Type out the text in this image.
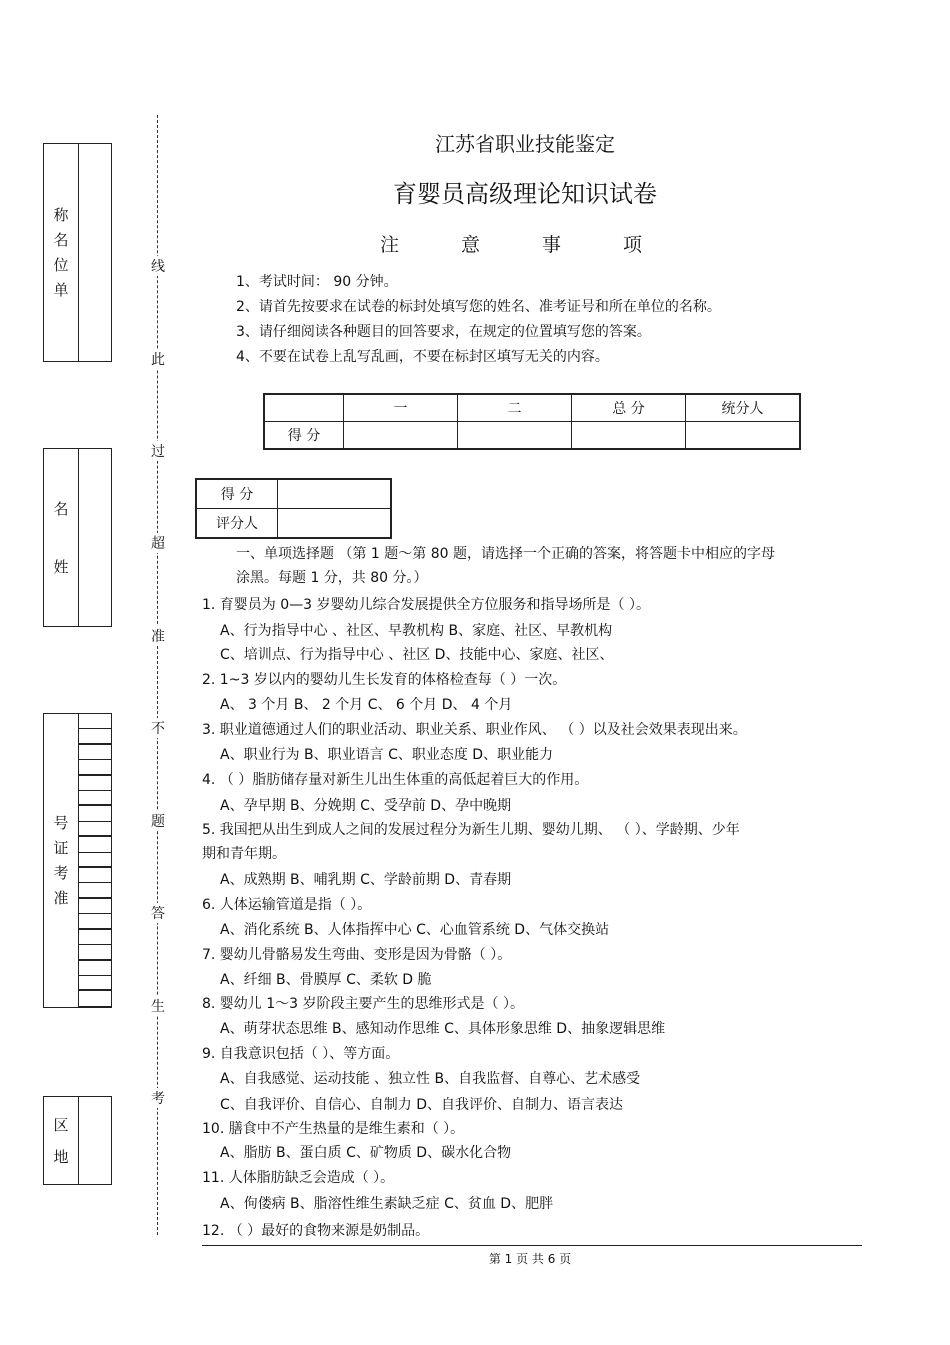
称
名
位
单
名
姓
号
证
考
准
区
地
线
此
过
超
准
不
题
答
生
考
江苏省职业技能鉴定
育婴员高级理论知识试卷
注 意 事 项
1、考试时间： 90 分钟。
2、请首先按要求在试卷的标封处填写您的姓名、准考证号和所在单位的名称。
3、请仔细阅读各种题目的回答要求，在规定的位置填写您的答案。
4、不要在试卷上乱写乱画，不要在标封区填写无关的内容。
	一	二	总 分	统分人
得 分				
得 分	
评分人	
一、单项选择题 （第 1 题～第 80 题，请选择一个正确的答案，将答题卡中相应的字母
涂黑。每题 1 分，共 80 分。）
1. 育婴员为 0—3 岁婴幼儿综合发展提供全方位服务和指导场所是（ ）。
A、行为指导中心 、社区、早教机构 B、家庭、社区、早教机构
C、培训点、行为指导中心 、社区 D、技能中心、家庭、社区、
2. 1~3 岁以内的婴幼儿生长发育的体格检查每（ ）一次。
A、 3 个月 B、 2 个月 C、 6 个月 D、 4 个月
3. 职业道德通过人们的职业活动、职业关系、职业作风、 （ ）以及社会效果表现出来。
A、职业行为 B、职业语言 C、职业态度 D、职业能力
4. （ ）脂肪储存量对新生儿出生体重的高低起着巨大的作用。
A、孕早期 B、分娩期 C、受孕前 D、孕中晚期
5. 我国把从出生到成人之间的发展过程分为新生儿期、婴幼儿期、 （ ）、学龄期、少年
期和青年期。
A、成熟期 B、哺乳期 C、学龄前期 D、青春期
6. 人体运输管道是指（ ）。
A、消化系统 B、人体指挥中心 C、心血管系统 D、气体交换站
7. 婴幼儿骨骼易发生弯曲、变形是因为骨骼（ ）。
A、纤细 B、骨膜厚 C、柔软 D 脆
8. 婴幼儿 1～3 岁阶段主要产生的思维形式是（ ）。
A、萌芽状态思维 B、感知动作思维 C、具体形象思维 D、抽象逻辑思维
9. 自我意识包括（ ）、等方面。
A、自我感觉、运动技能 、独立性 B、自我监督、自尊心、艺术感受
C、自我评价、自信心、自制力 D、自我评价、自制力、语言表达
10. 膳食中不产生热量的是维生素和（ ）。
A、脂肪 B、蛋白质 C、矿物质 D、碳水化合物
11. 人体脂肪缺乏会造成（ ）。
A、佝偻病 B、脂溶性维生素缺乏症 C、贫血 D、肥胖
12. （ ）最好的食物来源是奶制品。
第 1 页 共 6 页
